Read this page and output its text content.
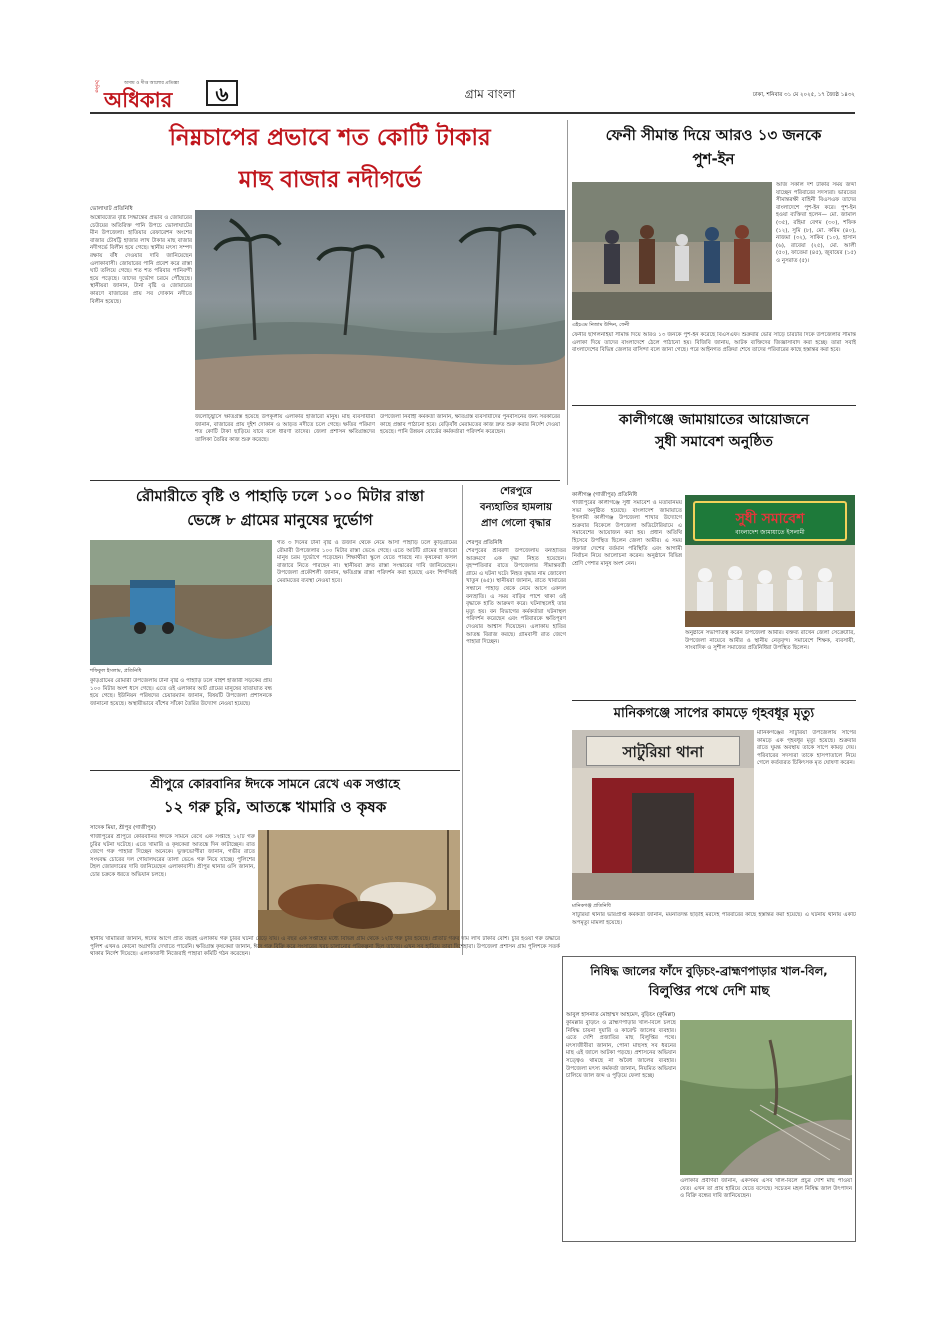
দৈনিক	অসাম ও দীপ্ত আলোর প্রতিজ্ঞা
অধিকার	৬	গ্রাম বাংলা	ঢাকা, শনিবার ৩১ মে ২০২৫, ১৭ জ্যৈষ্ঠ ১৪৩২
নিম্নচাপের প্রভাবে শত কোটি টাকার
মাছ বাজার নদীগর্ভে
ভোলাঘাট প্রতিনিধি
অক্টোবর্ত্যের বৃষ্টি সিদ্ধান্তের প্রভাব ও জোয়ারের চেউয়ের অতিরিক্ত পানি উপচে ভোলাঘাটের মীন উপজেলা। হাতিয়ার রেফারেশন অংশের বাজার চৌষট্টি হাজার লাখ টাকার মাছ বাজার নদীগর্ভে বিলীন হয়ে গেছে। স্থানীয় মৎস্য সম্পদ রক্ষায় বাঁধ দেওয়ার দাবি জানিয়েছেন এলাকাবাসী। জোয়ারের পানি প্রবেশ করে রাস্তা ঘাট তলিয়ে গেছে। শত শত পরিবার পানিবন্দী হয়ে পড়েছে। তাদের দুর্ভোগ চরমে পৌঁছেছে। স্থানীয়রা জানান, টানা বৃষ্টি ও জোয়ারের কারণে বাজারের প্রায় সব দোকান নদীতে বিলীন হয়েছে।
জলোচ্ছ্বাসে ক্ষতিগ্রস্ত হয়েছে উপকূলীয় এলাকার হাজারো মানুষ। মাছ ব্যবসায়ীরা জানান, বাজারের প্রায় দুইশ দোকান ও আড়ত নদীতে চলে গেছে। ক্ষতির পরিমাণ শত কোটি টাকা ছাড়িয়ে যাবে বলে ধারণা তাদের। জেলা প্রশাসন ক্ষতিগ্রস্তদের তালিকা তৈরির কাজ শুরু করেছে।
উপজেলা নির্বাহী কর্মকর্তা জানান, ক্ষতিগ্রস্ত ব্যবসায়ীদের পুনর্বাসনের জন্য সরকারের কাছে প্রস্তাব পাঠানো হবে। বেড়িবাঁধ মেরামতের কাজ দ্রুত শুরু করার নির্দেশ দেওয়া হয়েছে। পানি উন্নয়ন বোর্ডের কর্মকর্তারা পরিদর্শন করেছেন।
ফেনী সীমান্ত দিয়ে আরও ১৩ জনকে
পুশ-ইন
এইচএম নিজাম উদ্দিন, ফেনী
আজ সকাল দশ টাকার সময় জব্দা যাচ্ছেন পরিবারের সদস্যরা। ভারতের সীমান্তরক্ষী বাহিনী বিএসএফ তাদের বাংলাদেশে পুশ-ইন করে। পুশ-ইন হওয়া ব্যক্তিরা হলেন— মো. জামাল (৩৫), রহিমা বেগম (৩০), শফিক (১২), সুমি (৮), মো. করিম (৪০), নাজমা (৩২), সাকিব (১০), হাসান (৬), রাবেয়া (২৫), মো. আলী (৫০), ফাতেমা (৪৫), জুবায়ের (১৫) ও নুসরাত (৫)।
ফেনীর ছাগলনাইয়া সীমান্ত দিয়ে আরও ১৩ জনকে পুশ-ইন করেছে বিএসএফ। শুক্রবার ভোর সাড়ে চারটার দিকে উপজেলার সীমান্ত এলাকা দিয়ে তাদের বাংলাদেশে ঠেলে পাঠানো হয়। বিজিবি জানায়, আটক ব্যক্তিদের জিজ্ঞাসাবাদ করা হচ্ছে। তারা সবাই বাংলাদেশের বিভিন্ন জেলার বাসিন্দা বলে জানা গেছে। পরে আইনগত প্রক্রিয়া শেষে তাদের পরিবারের কাছে হস্তান্তর করা হবে।
কালীগঞ্জে জামায়াতের আয়োজনে
সুধী সমাবেশ অনুষ্ঠিত
কালীগঞ্জ (গাজীপুর) প্রতিনিধি
গাজীপুরের কালীগঞ্জে সুধী সমাবেশ ও মতবিনিময় সভা অনুষ্ঠিত হয়েছে। বাংলাদেশ জামায়াতে ইসলামী কালীগঞ্জ উপজেলা শাখার উদ্যোগে শুক্রবার বিকেলে উপজেলা অডিটোরিয়ামে এ সমাবেশের আয়োজন করা হয়। প্রধান অতিথি হিসেবে উপস্থিত ছিলেন জেলা আমীর। এ সময় বক্তারা দেশের বর্তমান পরিস্থিতি এবং আগামী নির্বাচন নিয়ে আলোচনা করেন। অনুষ্ঠানে বিভিন্ন শ্রেণি পেশার মানুষ অংশ নেন।
সুধী সমাবেশ
বাংলাদেশ জামায়াতে ইসলামী
অনুষ্ঠানে সভাপতিত্ব করেন উপজেলা আমীর। বক্তব্য রাখেন জেলা সেক্রেটারি, উপজেলা নায়েবে আমীর ও স্থানীয় নেতৃবৃন্দ। সমাবেশে শিক্ষক, ব্যবসায়ী, সাংবাদিক ও সুশীল সমাজের প্রতিনিধিরা উপস্থিত ছিলেন।
মানিকগঞ্জে সাপের কামড়ে গৃহবধূর মৃত্যু
সাটুরিয়া থানা
মানিকগঞ্জের সাটুরিয়া উপজেলায় সাপের কামড়ে এক গৃহবধূর মৃত্যু হয়েছে। শুক্রবার রাতে ঘুমন্ত অবস্থায় তাকে সাপে কামড় দেয়। পরিবারের সদস্যরা তাকে হাসপাতালে নিয়ে গেলে কর্তব্যরত চিকিৎসক মৃত ঘোষণা করেন।
মানিকগঞ্জ প্রতিনিধি
সাটুরিয়া থানার ভারপ্রাপ্ত কর্মকর্তা জানান, ময়নাতদন্ত ছাড়াই মরদেহ পরিবারের কাছে হস্তান্তর করা হয়েছে। এ ঘটনায় থানায় একটি অপমৃত্যু মামলা হয়েছে।
রৌমারীতে বৃষ্টি ও পাহাড়ি ঢলে ১০০ মিটার রাস্তা
ভেঙ্গে ৮ গ্রামের মানুষের দুর্ভোগ
শফিকুল ইসলাম, প্রতিনিধি
গত ৩ দিনের টানা বৃষ্টি ও উজান থেকে নেমে আসা পাহাড়ি ঢলে কুড়িগ্রামের রৌমারী উপজেলার ১০০ মিটার রাস্তা ভেঙে গেছে। এতে আটটি গ্রামের হাজারো মানুষ চরম দুর্ভোগে পড়েছেন। শিক্ষার্থীরা স্কুলে যেতে পারছে না। কৃষকেরা ফসল বাজারে নিতে পারছেন না। স্থানীয়রা দ্রুত রাস্তা সংস্কারের দাবি জানিয়েছেন। উপজেলা প্রকৌশলী জানান, ক্ষতিগ্রস্ত রাস্তা পরিদর্শন করা হয়েছে এবং শিগগিরই মেরামতের ব্যবস্থা নেওয়া হবে।
কুড়িগ্রামের রৌমারী উপজেলায় টানা বৃষ্টি ও পাহাড়ি ঢলে বাইশ হাজারী সড়কের প্রায় ১০০ মিটার অংশ ধসে গেছে। এতে ওই এলাকার আট গ্রামের মানুষের যাতায়াত বন্ধ হয়ে গেছে। ইউনিয়ন পরিষদের চেয়ারম্যান জানান, বিষয়টি উপজেলা প্রশাসনকে জানানো হয়েছে। অস্থায়ীভাবে বাঁশের সাঁকো তৈরির উদ্যোগ নেওয়া হয়েছে।
শেরপুরে
বন্যহাতির হামলায়
প্রাণ গেলো বৃদ্ধার
শেরপুর প্রতিনিধি
শেরপুরের শ্রীবরদী উপজেলায় বন্যহাতির আক্রমণে এক বৃদ্ধা নিহত হয়েছেন। বৃহস্পতিবার রাতে উপজেলার সীমান্তবর্তী গ্রামে এ ঘটনা ঘটে। নিহত বৃদ্ধার নাম জোবেদা খাতুন (৬৫)। স্থানীয়রা জানান, রাতে খাবারের সন্ধানে পাহাড় থেকে নেমে আসে একদল বন্যহাতি। এ সময় বাড়ির পাশে থাকা ওই বৃদ্ধাকে হাতি আক্রমণ করে। ঘটনাস্থলেই তার মৃত্যু হয়। বন বিভাগের কর্মকর্তারা ঘটনাস্থল পরিদর্শন করেছেন এবং পরিবারকে ক্ষতিপূরণ দেওয়ার আশ্বাস দিয়েছেন। এলাকায় হাতির আতঙ্ক বিরাজ করছে। গ্রামবাসী রাত জেগে পাহারা দিচ্ছেন।
শ্রীপুরে কোরবানির ঈদকে সামনে রেখে এক সপ্তাহে
১২ গরু চুরি, আতঙ্কে খামারি ও কৃষক
সাদেক মিয়া, শ্রীপুর (গাজীপুর)
গাজীপুরের শ্রীপুরে কোরবানির ঈদকে সামনে রেখে এক সপ্তাহে ১২টি গরু চুরির ঘটনা ঘটেছে। এতে খামারি ও কৃষকেরা আতঙ্কে দিন কাটাচ্ছেন। রাত জেগে গরু পাহারা দিচ্ছেন অনেকে। ভুক্তভোগীরা জানান, গভীর রাতে সংঘবদ্ধ চোরের দল গোয়ালঘরের তালা ভেঙে গরু নিয়ে যাচ্ছে। পুলিশের টহল জোরদারের দাবি জানিয়েছেন এলাকাবাসী। শ্রীপুর থানার ওসি জানান, চোর চক্রকে ধরতে অভিযান চলছে।
স্থানীয় খামারিরা জানান, ঈদের আগে প্রতি বছরই এলাকায় গরু চুরির ঘটনা বেড়ে যায়। এ বছর এক সপ্তাহের মধ্যে বিভিন্ন গ্রাম থেকে ১২টি গরু চুরি হয়েছে। প্রতিটি গরুর দাম লাখ টাকার বেশি। চুরি হওয়া গরু উদ্ধারে পুলিশ এখনও কোনো অগ্রগতি দেখাতে পারেনি। ক্ষতিগ্রস্ত কৃষকেরা জানান, ঈদে গরু বিক্রি করে সংসারের খরচ চালানোর পরিকল্পনা ছিল তাদের। এখন সব হারিয়ে তারা দিশেহারা। উপজেলা প্রশাসন গ্রাম পুলিশকে সতর্ক থাকার নির্দেশ দিয়েছে। এলাকাবাসী নিজেরাই পাহারা কমিটি গঠন করেছেন।
নিষিদ্ধ জালের ফাঁদে বুড়িচং-ব্রাহ্মণপাড়ার খাল-বিল,
বিলুপ্তির পথে দেশি মাছ
আবুল হাসনাত মোহাম্মদ আহমেদ, বুড়িচং (কুমিল্লা)
কুমিল্লার বুড়িচং ও ব্রাহ্মণপাড়ার খাল-বিলে চলছে নিষিদ্ধ চায়না দুয়ারি ও কারেন্ট জালের ব্যবহার। এতে দেশি প্রজাতির মাছ বিলুপ্তির পথে। মৎস্যজীবীরা জানান, পোনা মাছসহ সব ধরনের মাছ এই জালে আটকা পড়ছে। প্রশাসনের অভিযান সত্ত্বেও থামছে না অবৈধ জালের ব্যবহার। উপজেলা মৎস্য কর্মকর্তা জানান, নিয়মিত অভিযান চালিয়ে জাল জব্দ ও পুড়িয়ে ফেলা হচ্ছে।
এলাকার প্রবীণরা জানান, একসময় এসব খাল-বিলে প্রচুর দেশি মাছ পাওয়া যেত। এখন তা প্রায় হারিয়ে যেতে বসেছে। সচেতন মহল নিষিদ্ধ জাল উৎপাদন ও বিক্রি বন্ধের দাবি জানিয়েছেন।
